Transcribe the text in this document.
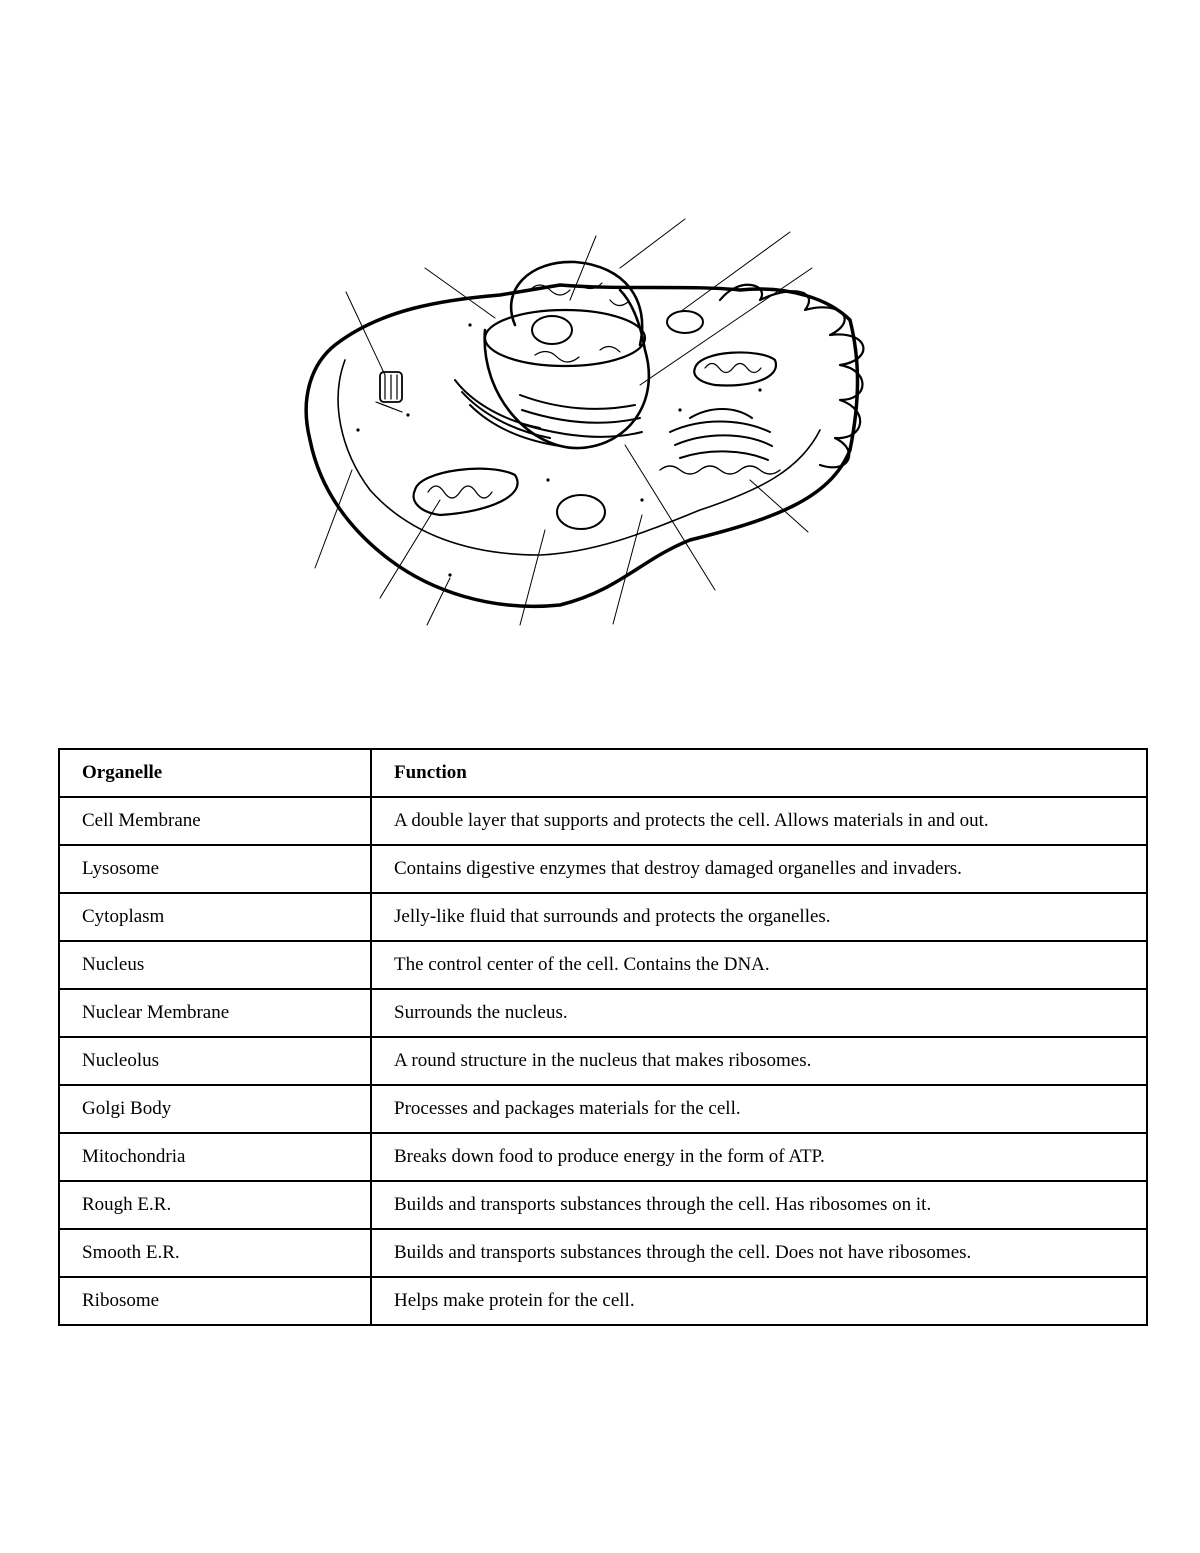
Organelle	Function
Cell Membrane	A double layer that supports and protects the cell. Allows materials in and out.
Lysosome	Contains digestive enzymes that destroy damaged organelles and invaders.
Cytoplasm	Jelly-like fluid that surrounds and protects the organelles.
Nucleus	The control center of the cell. Contains the DNA.
Nuclear Membrane	Surrounds the nucleus.
Nucleolus	A round structure in the nucleus that makes ribosomes.
Golgi Body	Processes and packages materials for the cell.
Mitochondria	Breaks down food to produce energy in the form of ATP.
Rough E.R.	Builds and transports substances through the cell. Has ribosomes on it.
Smooth E.R.	Builds and transports substances through the cell. Does not have ribosomes.
Ribosome	Helps make protein for the cell.
